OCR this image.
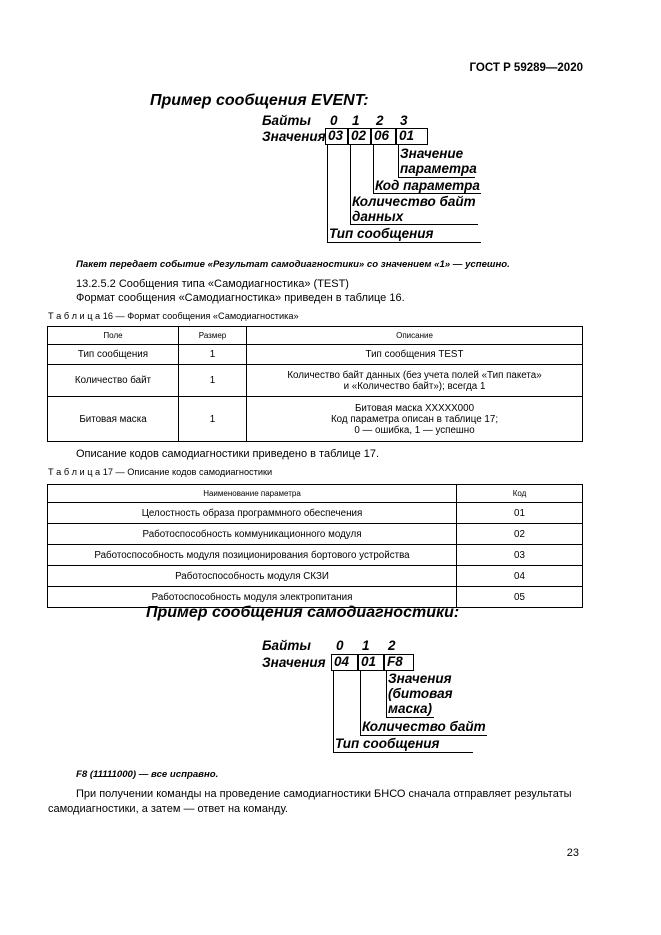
ГОСТ Р 59289—2020
Пример сообщения EVENT:
Байты 0 1 2 3
Значения 03 02 06 01
Значение
параметра
Код параметра
Количество байт
данных
Тип сообщения
Пакет передает событие «Результат самодиагностики» со значением «1» — успешно.
13.2.5.2 Сообщения типа «Самодиагностика» (TEST)
Формат сообщения «Самодиагностика» приведен в таблице 16.
Т а б л и ц а 16 — Формат сообщения «Самодиагностика»
Поле	Размер	Описание
Тип сообщения	1	Тип сообщения TEST

Количество байт	1	Количество байт данных (без учета полей «Тип пакета»
и «Количество байт»); всегда 1

Битовая маска	1	Битовая маска XXXXX000
Код параметра описан в таблице 17;
0 — ошибка, 1 — успешно
Описание кодов самодиагностики приведено в таблице 17.
Т а б л и ц а 17 — Описание кодов самодиагностики
Наименование параметра	Код
Целостность образа программного обеспечения	01
Работоспособность коммуникационного модуля	02
Работоспособность модуля позиционирования бортового устройства	03
Работоспособность модуля СКЗИ	04
Работоспособность модуля электропитания	05
Пример сообщения самодиагностики:
Байты 0 1 2
Значения 04 01 F8
Значения
(битовая
маска)
Количество байт
Тип сообщения
F8 (11111000) — все исправно.
При получении команды на проведение самодиагностики БНСО сначала отправляет результаты
самодиагностики, а затем — ответ на команду.
23
